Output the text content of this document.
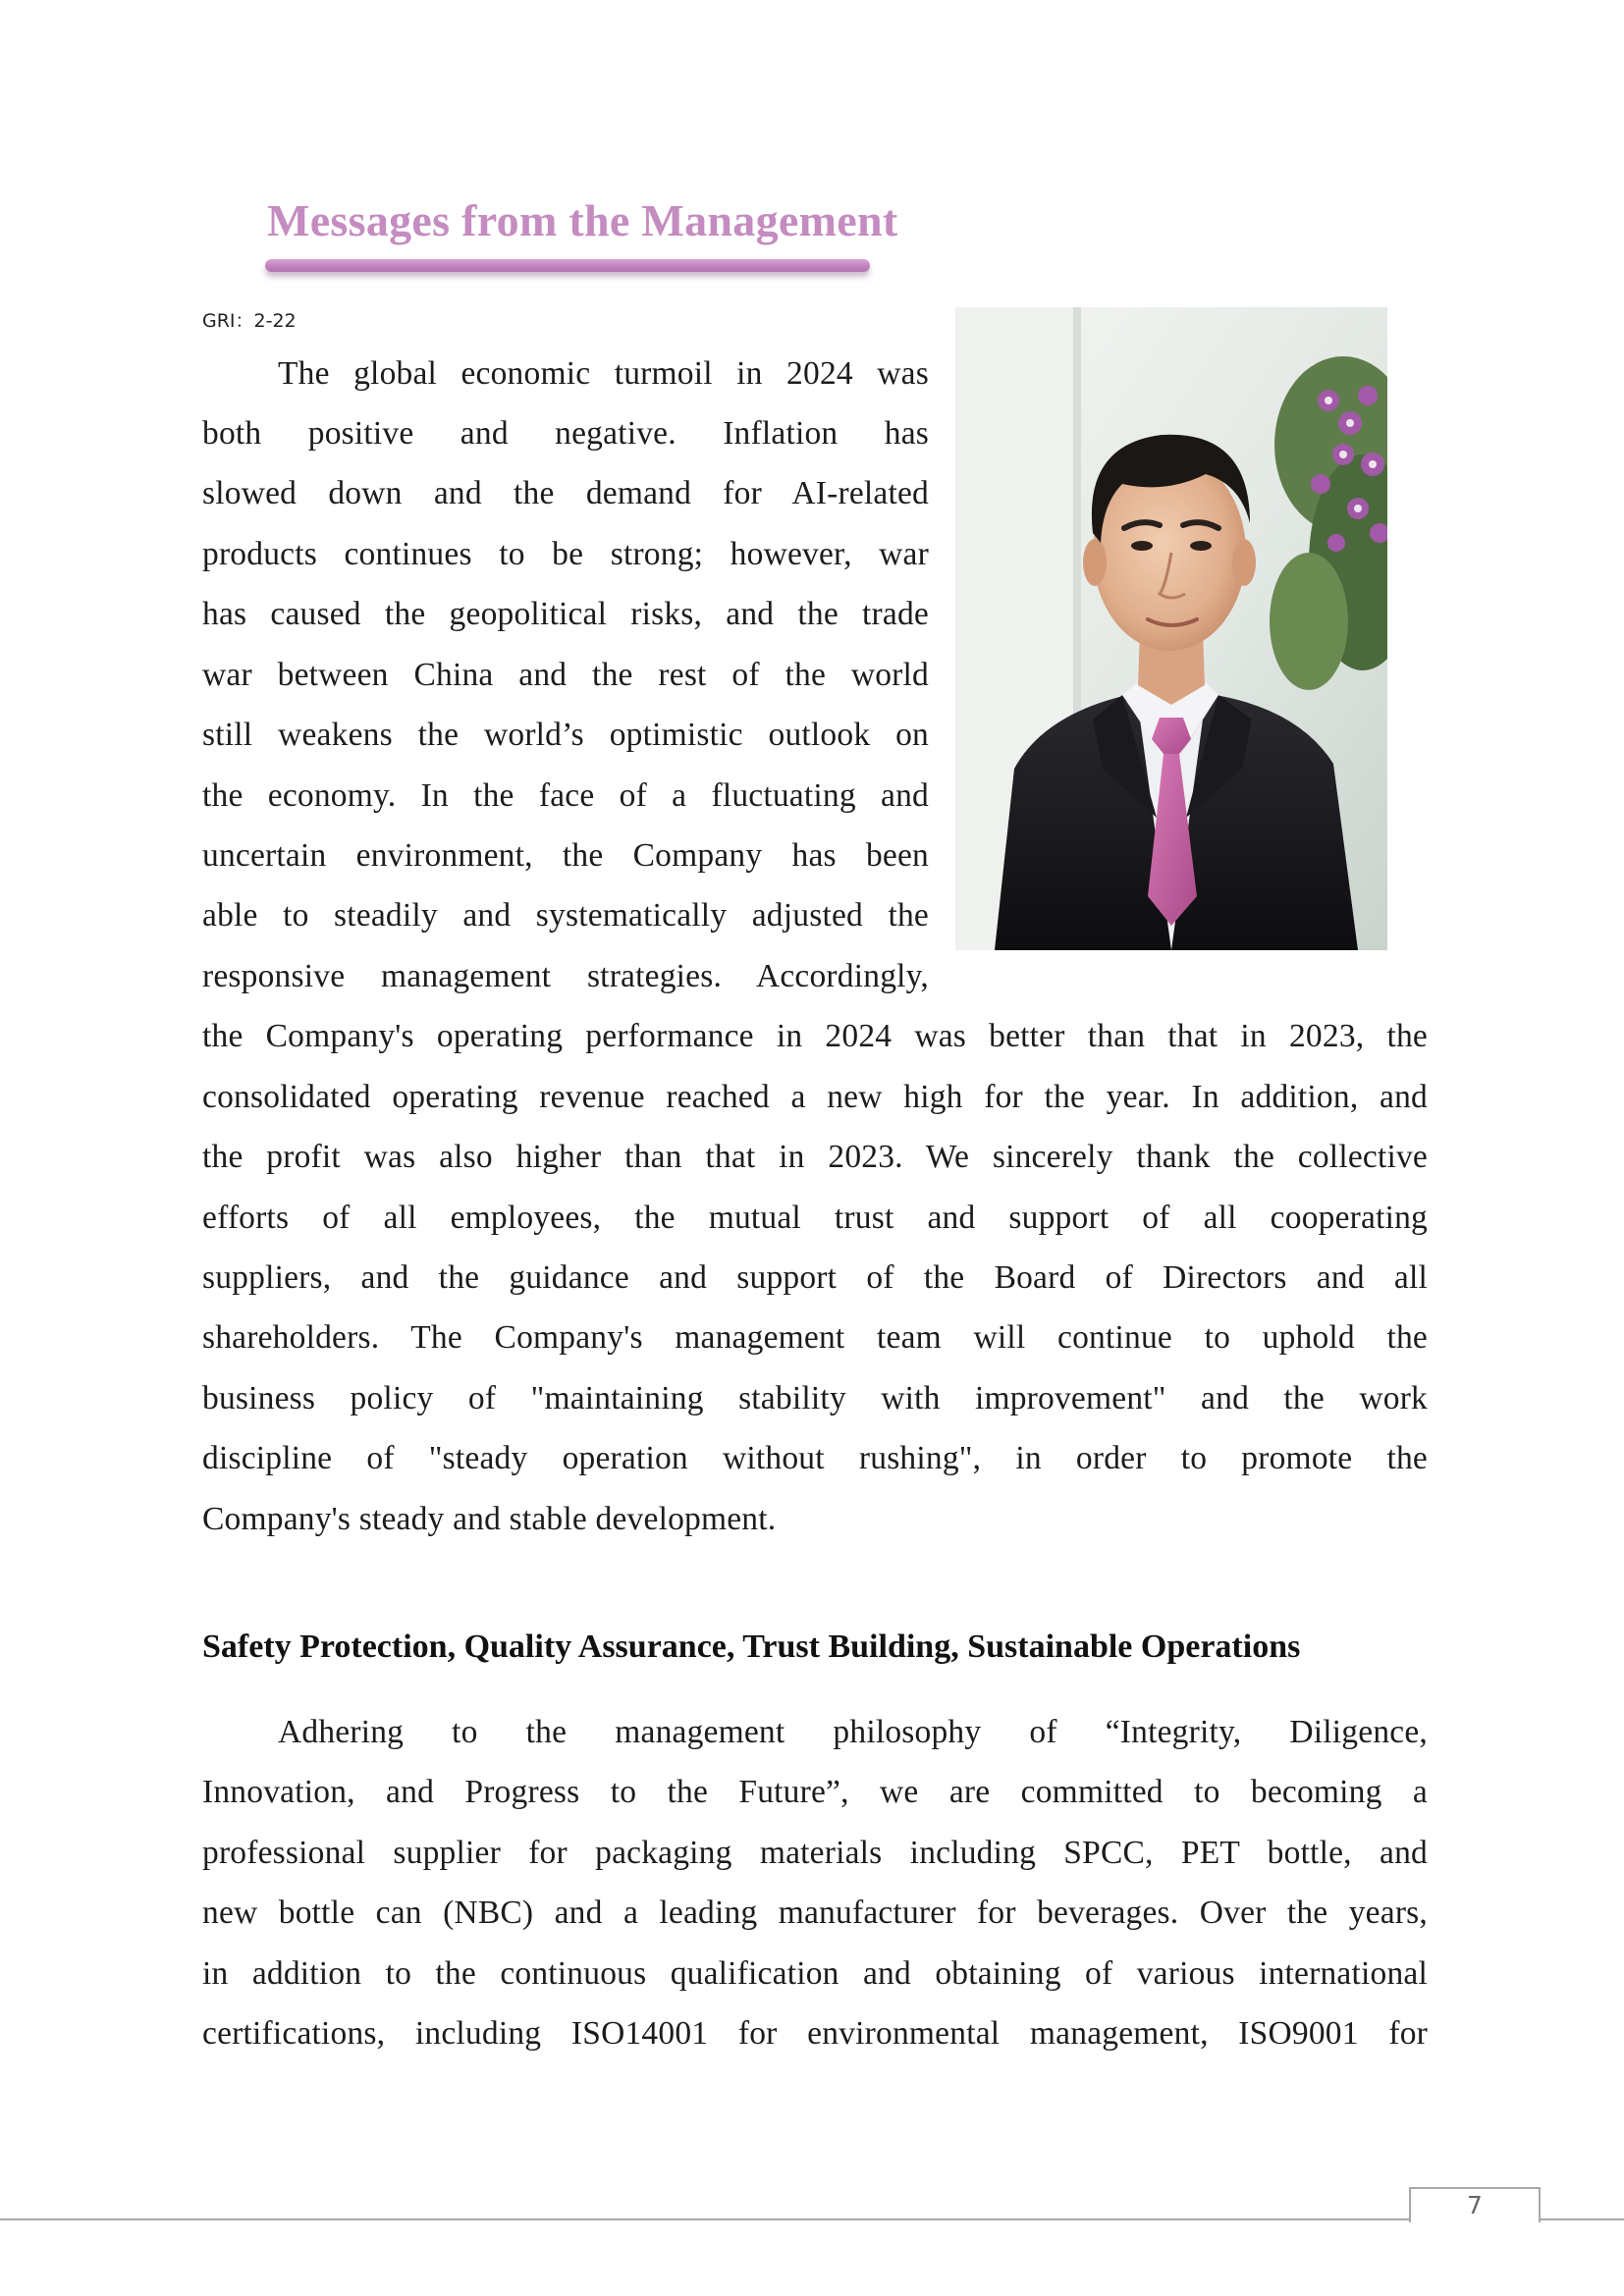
Messages from the Management
GRI：2-22
The global economic turmoil in 2024 was
both positive and negative. Inflation has
slowed down and the demand for AI-related
products continues to be strong; however, war
has caused the geopolitical risks, and the trade
war between China and the rest of the world
still weakens the world’s optimistic outlook on
the economy. In the face of a fluctuating and
uncertain environment, the Company has been
able to steadily and systematically adjusted the
responsive management strategies. Accordingly,
the Company's operating performance in 2024 was better than that in 2023, the
consolidated operating revenue reached a new high for the year. In addition, and
the profit was also higher than that in 2023. We sincerely thank the collective
efforts of all employees, the mutual trust and support of all cooperating
suppliers, and the guidance and support of the Board of Directors and all
shareholders. The Company's management team will continue to uphold the
business policy of "maintaining stability with improvement" and the work
discipline of "steady operation without rushing", in order to promote the
Company's steady and stable development.
Safety Protection, Quality Assurance, Trust Building, Sustainable Operations
Adhering to the management philosophy of “Integrity, Diligence,
Innovation, and Progress to the Future”, we are committed to becoming a
professional supplier for packaging materials including SPCC, PET bottle, and
new bottle can (NBC) and a leading manufacturer for beverages. Over the years,
in addition to the continuous qualification and obtaining of various international
certifications, including ISO14001 for environmental management, ISO9001 for
7
